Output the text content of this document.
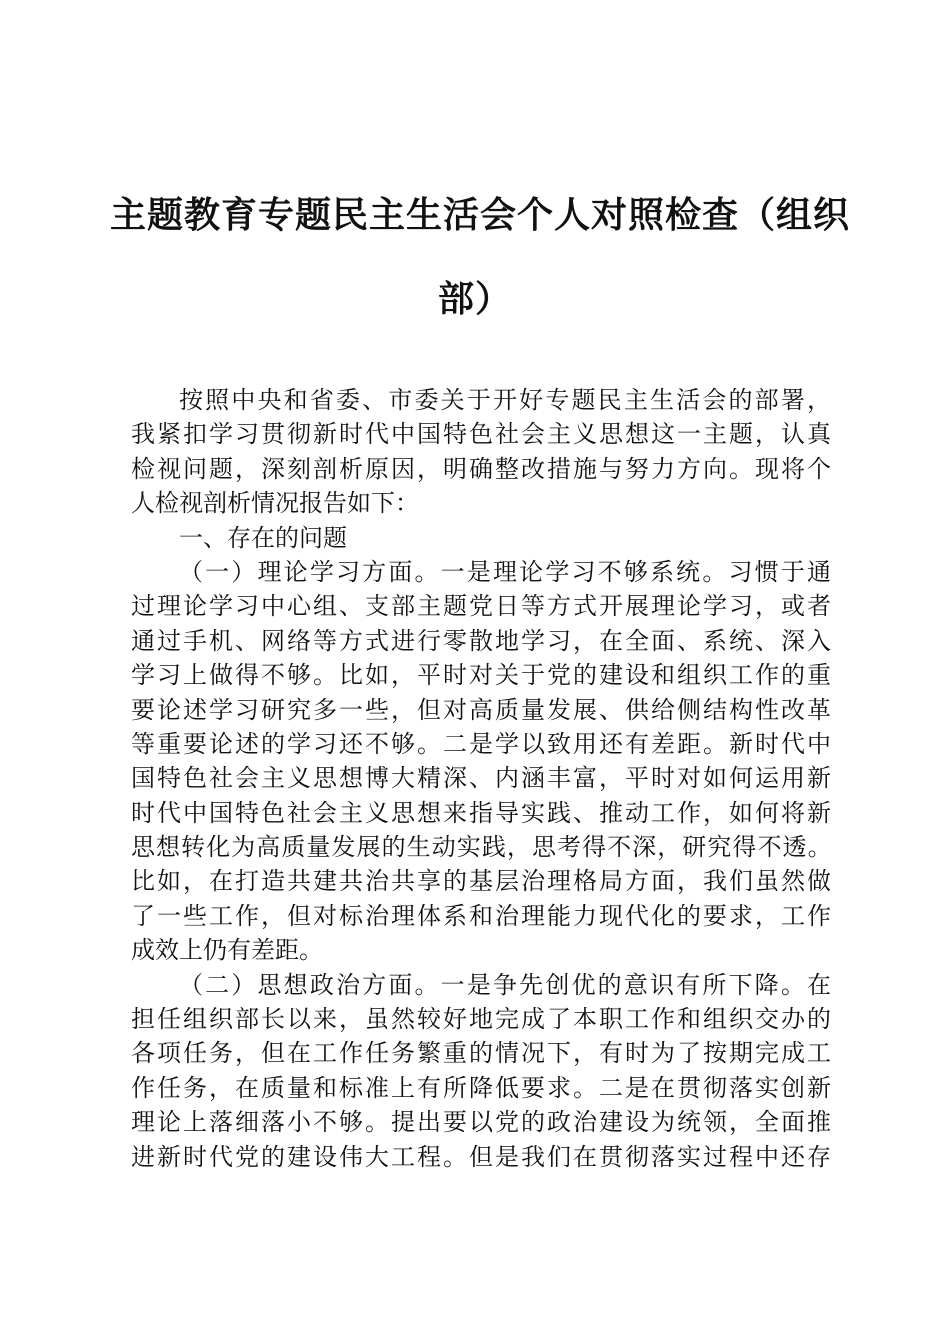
主题教育专题民主生活会个人对照检查（组织
部）
按照中央和省委、市委关于开好专题民主生活会的部署，
我紧扣学习贯彻新时代中国特色社会主义思想这一主题，认真
检视问题，深刻剖析原因，明确整改措施与努力方向。现将个
人检视剖析情况报告如下：
一、存在的问题
（一）理论学习方面。一是理论学习不够系统。习惯于通
过理论学习中心组、支部主题党日等方式开展理论学习，或者
通过手机、网络等方式进行零散地学习，在全面、系统、深入
学习上做得不够。比如，平时对关于党的建设和组织工作的重
要论述学习研究多一些，但对高质量发展、供给侧结构性改革
等重要论述的学习还不够。二是学以致用还有差距。新时代中
国特色社会主义思想博大精深、内涵丰富，平时对如何运用新
时代中国特色社会主义思想来指导实践、推动工作，如何将新
思想转化为高质量发展的生动实践，思考得不深，研究得不透。
比如，在打造共建共治共享的基层治理格局方面，我们虽然做
了一些工作，但对标治理体系和治理能力现代化的要求，工作
成效上仍有差距。
（二）思想政治方面。一是争先创优的意识有所下降。在
担任组织部长以来，虽然较好地完成了本职工作和组织交办的
各项任务，但在工作任务繁重的情况下，有时为了按期完成工
作任务，在质量和标准上有所降低要求。二是在贯彻落实创新
理论上落细落小不够。提出要以党的政治建设为统领，全面推
进新时代党的建设伟大工程。但是我们在贯彻落实过程中还存
